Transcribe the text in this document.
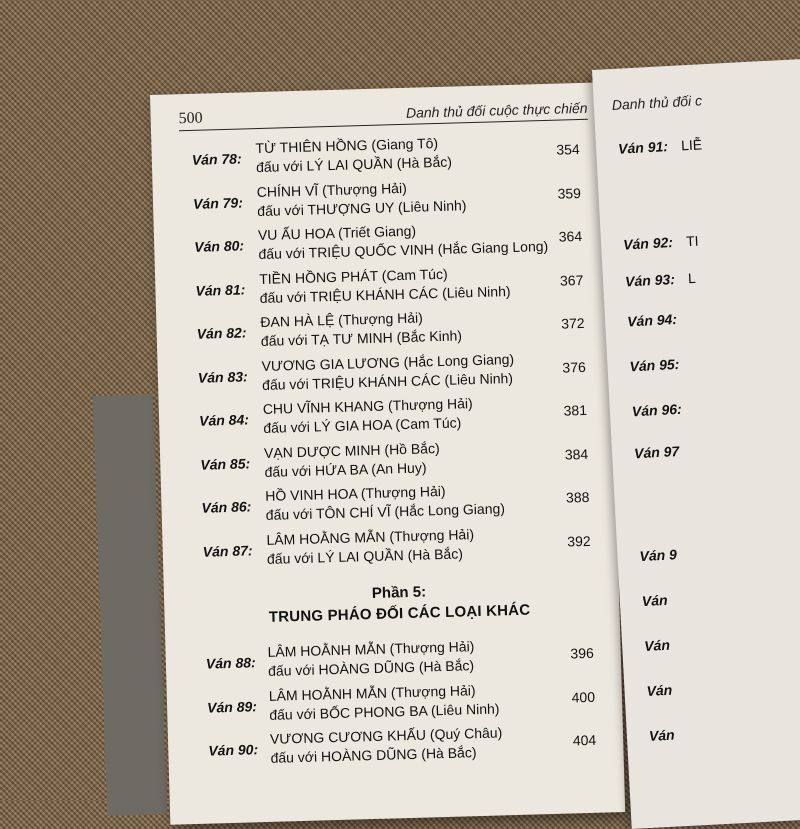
500	Danh thủ đối cuộc thực chiến
Ván 78:
TỪ THIÊN HỒNG (Giang Tô)
đấu với LÝ LAI QUẦN (Hà Bắc)
354
Ván 79:
CHÍNH VĨ (Thượng Hải)
đấu với THƯỢNG UY (Liêu Ninh)
359
Ván 80:
VU ẤU HOA (Triết Giang)
đấu với TRIỆU QUỐC VINH (Hắc Giang Long)
364
Ván 81:
TIỀN HỒNG PHÁT (Cam Túc)
đấu với TRIỆU KHÁNH CÁC (Liêu Ninh)
367
Ván 82:
ĐAN HÀ LỆ (Thượng Hải)
đấu với TẠ TƯ MINH (Bắc Kinh)
372
Ván 83:
VƯƠNG GIA LƯƠNG (Hắc Long Giang)
đấu với TRIỆU KHÁNH CÁC (Liêu Ninh)
376
Ván 84:
CHU VĨNH KHANG (Thượng Hải)
đấu với LÝ GIA HOA (Cam Túc)
381
Ván 85:
VẠN DƯỢC MINH (Hồ Bắc)
đấu với HỨA BA (An Huy)
384
Ván 86:
HỒ VINH HOA (Thượng Hải)
đấu với TÔN CHÍ VĨ (Hắc Long Giang)
388
Ván 87:
LÂM HOẰNG MẪN (Thượng Hải)
đấu với LÝ LAI QUẦN (Hà Bắc)
392
Phần 5:
TRUNG PHÁO ĐỐI CÁC LOẠI KHÁC
Ván 88:
LÂM HOẰNH MẪN (Thượng Hải)
đấu với HOÀNG DŨNG (Hà Bắc)
396
Ván 89:
LÂM HOẰNH MẪN (Thượng Hải)
đấu với BỐC PHONG BA (Liêu Ninh)
400
Ván 90:
VƯƠNG CƯƠNG KHẤU (Quý Châu)
đấu với HOÀNG DŨNG (Hà Bắc)
404
Danh thủ đối c
Ván 91: LIỄ
Ván 92: TI
Ván 93: L
Ván 94:
Ván 95:
Ván 96:
Ván 97
Ván 9
Ván
Ván
Ván
Ván
